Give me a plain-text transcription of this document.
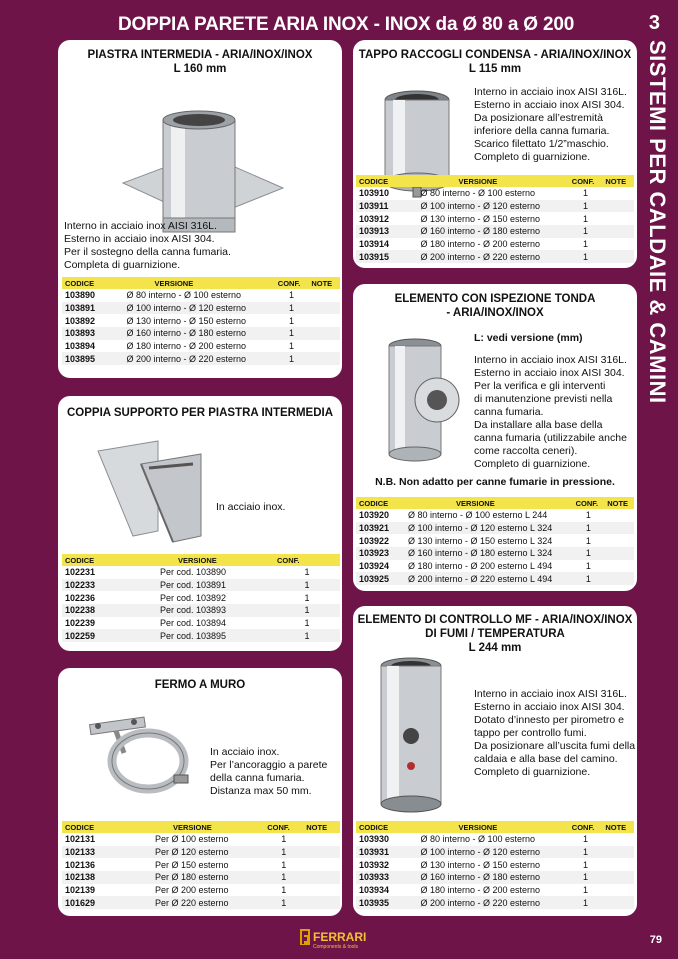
DOPPIA PARETE ARIA INOX - INOX da Ø 80 a Ø 200	3
SISTEMI PER CALDAIE & CAMINI
PIASTRA INTERMEDIA - ARIA/INOX/INOX
L 160 mm
Interno in acciaio inox AISI 316L.
Esterno in acciaio inox AISI 304.
Per il sostegno della canna fumaria.
Completa di guarnizione.
CODICE	VERSIONE	CONF.	NOTE
103890	Ø 80 interno - Ø 100 esterno	1	
103891	Ø 100 interno - Ø 120 esterno	1	
103892	Ø 130 interno - Ø 150 esterno	1	
103893	Ø 160 interno - Ø 180 esterno	1	
103894	Ø 180 interno - Ø 200 esterno	1	
103895	Ø 200 interno - Ø 220 esterno	1	
TAPPO RACCOGLI CONDENSA - ARIA/INOX/INOX
L 115 mm
Interno in acciaio inox AISI 316L.
Esterno in acciaio inox AISI 304.
Da posizionare all’estremità
inferiore della canna fumaria.
Scarico filettato 1/2”maschio.
Completo di guarnizione.
CODICE	VERSIONE	CONF.	NOTE
103910	Ø 80 interno - Ø 100 esterno	1	
103911	Ø 100 interno - Ø 120 esterno	1	
103912	Ø 130 interno - Ø 150 esterno	1	
103913	Ø 160 interno - Ø 180 esterno	1	
103914	Ø 180 interno - Ø 200 esterno	1	
103915	Ø 200 interno - Ø 220 esterno	1	
COPPIA SUPPORTO PER PIASTRA INTERMEDIA
In acciaio inox.
CODICE	VERSIONE	CONF.
102231	Per cod. 103890	1
102233	Per cod. 103891	1
102236	Per cod. 103892	1
102238	Per cod. 103893	1
102239	Per cod. 103894	1
102259	Per cod. 103895	1
ELEMENTO CON ISPEZIONE TONDA
- ARIA/INOX/INOX
L: vedi versione (mm)
Interno in acciaio inox AISI 316L.
Esterno in acciaio inox AISI 304.
Per la verifica e gli interventi
di manutenzione previsti nella
canna fumaria.
Da installare alla base della
canna fumaria (utilizzabile anche
come raccolta ceneri).
Completo di guarnizione.
N.B. Non adatto per canne fumarie in pressione.
CODICE	VERSIONE	CONF.	NOTE
103920	Ø 80 interno - Ø 100 esterno L 244	1	
103921	Ø 100 interno - Ø 120 esterno L 324	1	
103922	Ø 130 interno - Ø 150 esterno L 324	1	
103923	Ø 160 interno - Ø 180 esterno L 324	1	
103924	Ø 180 interno - Ø 200 esterno L 494	1	
103925	Ø 200 interno - Ø 220 esterno L 494	1	
FERMO A MURO
In acciaio inox.
Per l’ancoraggio a parete
della canna fumaria.
Distanza max 50 mm.
CODICE	VERSIONE	CONF.	NOTE
102131	Per Ø 100 esterno	1	
102133	Per Ø 120 esterno	1	
102136	Per Ø 150 esterno	1	
102138	Per Ø 180 esterno	1	
102139	Per Ø 200 esterno	1	
101629	Per Ø 220 esterno	1	
ELEMENTO DI CONTROLLO MF - ARIA/INOX/INOX
DI FUMI / TEMPERATURA
L 244 mm
Interno in acciaio inox AISI 316L.
Esterno in acciaio inox AISI 304.
Dotato d’innesto per pirometro e
tappo per controllo fumi.
Da posizionare all’uscita fumi della
caldaia e alla base del camino.
Completo di guarnizione.
CODICE	VERSIONE	CONF.	NOTE
103930	Ø 80 interno - Ø 100 esterno	1	
103931	Ø 100 interno - Ø 120 esterno	1	
103932	Ø 130 interno - Ø 150 esterno	1	
103933	Ø 160 interno - Ø 180 esterno	1	
103934	Ø 180 interno - Ø 200 esterno	1	
103935	Ø 200 interno - Ø 220 esterno	1	
FERRARI
Components & tools
79
